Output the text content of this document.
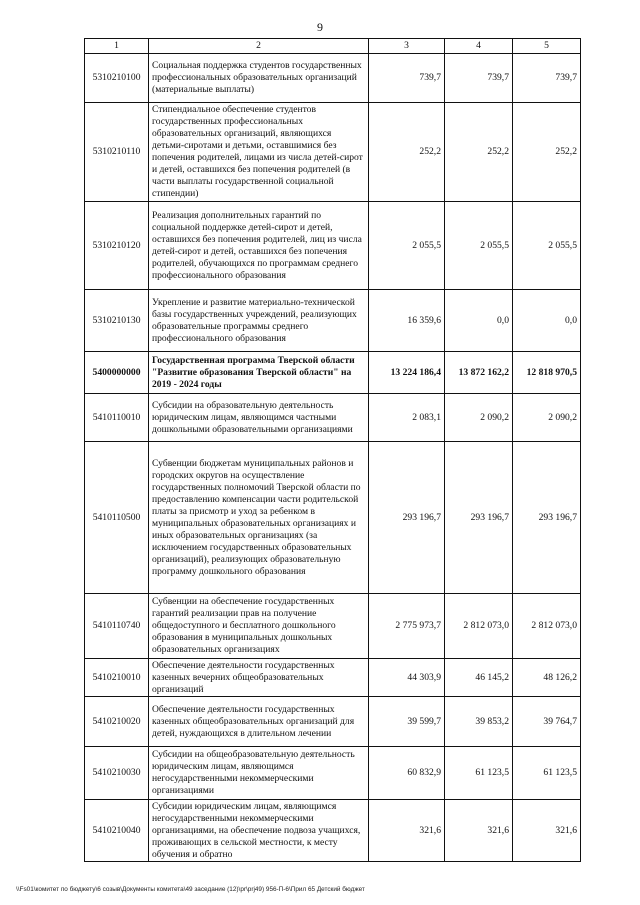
9
1	2	3	4	5
5310210100	Социальная поддержка студентов государственных профессиональных образовательных организаций (материальные выплаты)	739,7	739,7	739,7
5310210110	Стипендиальное обеспечение студентов государственных профессиональных образовательных организаций, являющихся детьми-сиротами и детьми, оставшимися без попечения родителей, лицами из числа детей-сирот и детей, оставшихся без попечения родителей (в части выплаты государственной социальной стипендии)	252,2	252,2	252,2
5310210120	Реализация дополнительных гарантий по социальной поддержке детей-сирот и детей, оставшихся без попечения родителей, лиц из числа детей-сирот и детей, оставшихся без попечения родителей, обучающихся по программам среднего профессионального образования	2 055,5	2 055,5	2 055,5
5310210130	Укрепление и развитие материально-технической базы государственных учреждений, реализующих образовательные программы среднего профессионального образования	16 359,6	0,0	0,0
5400000000	Государственная программа Тверской области "Развитие образования Тверской области" на 2019 - 2024 годы	13 224 186,4	13 872 162,2	12 818 970,5
5410110010	Субсидии на образовательную деятельность юридическим лицам, являющимся частными дошкольными образовательными организациями	2 083,1	2 090,2	2 090,2
5410110500	Субвенции бюджетам муниципальных районов и городских округов на осуществление государственных полномочий Тверской области по предоставлению компенсации части родительской платы за присмотр и уход за ребенком в муниципальных образовательных организациях и иных образовательных организациях (за исключением государственных образовательных организаций), реализующих образовательную программу дошкольного образования	293 196,7	293 196,7	293 196,7
5410110740	Субвенции на обеспечение государственных гарантий реализации прав на получение общедоступного и бесплатного дошкольного образования в муниципальных дошкольных образовательных организациях	2 775 973,7	2 812 073,0	2 812 073,0
5410210010	Обеспечение деятельности государственных казенных вечерних общеобразовательных организаций	44 303,9	46 145,2	48 126,2
5410210020	Обеспечение деятельности государственных казенных общеобразовательных организаций для детей, нуждающихся в длительном лечении	39 599,7	39 853,2	39 764,7
5410210030	Субсидии на общеобразовательную деятельность юридическим лицам, являющимся негосударственными некоммерческими организациями	60 832,9	61 123,5	61 123,5
5410210040	Субсидии юридическим лицам, являющимся негосударственными некоммерческими организациями, на обеспечение подвоза учащихся, проживающих в сельской местности, к месту обучения и обратно	321,6	321,6	321,6
\\Fs01\комитет по бюджету\6 созыв\Документы комитета\49 заседание (12)\pr\prj49) 956-П-6\Прил 65 Детский бюджет
